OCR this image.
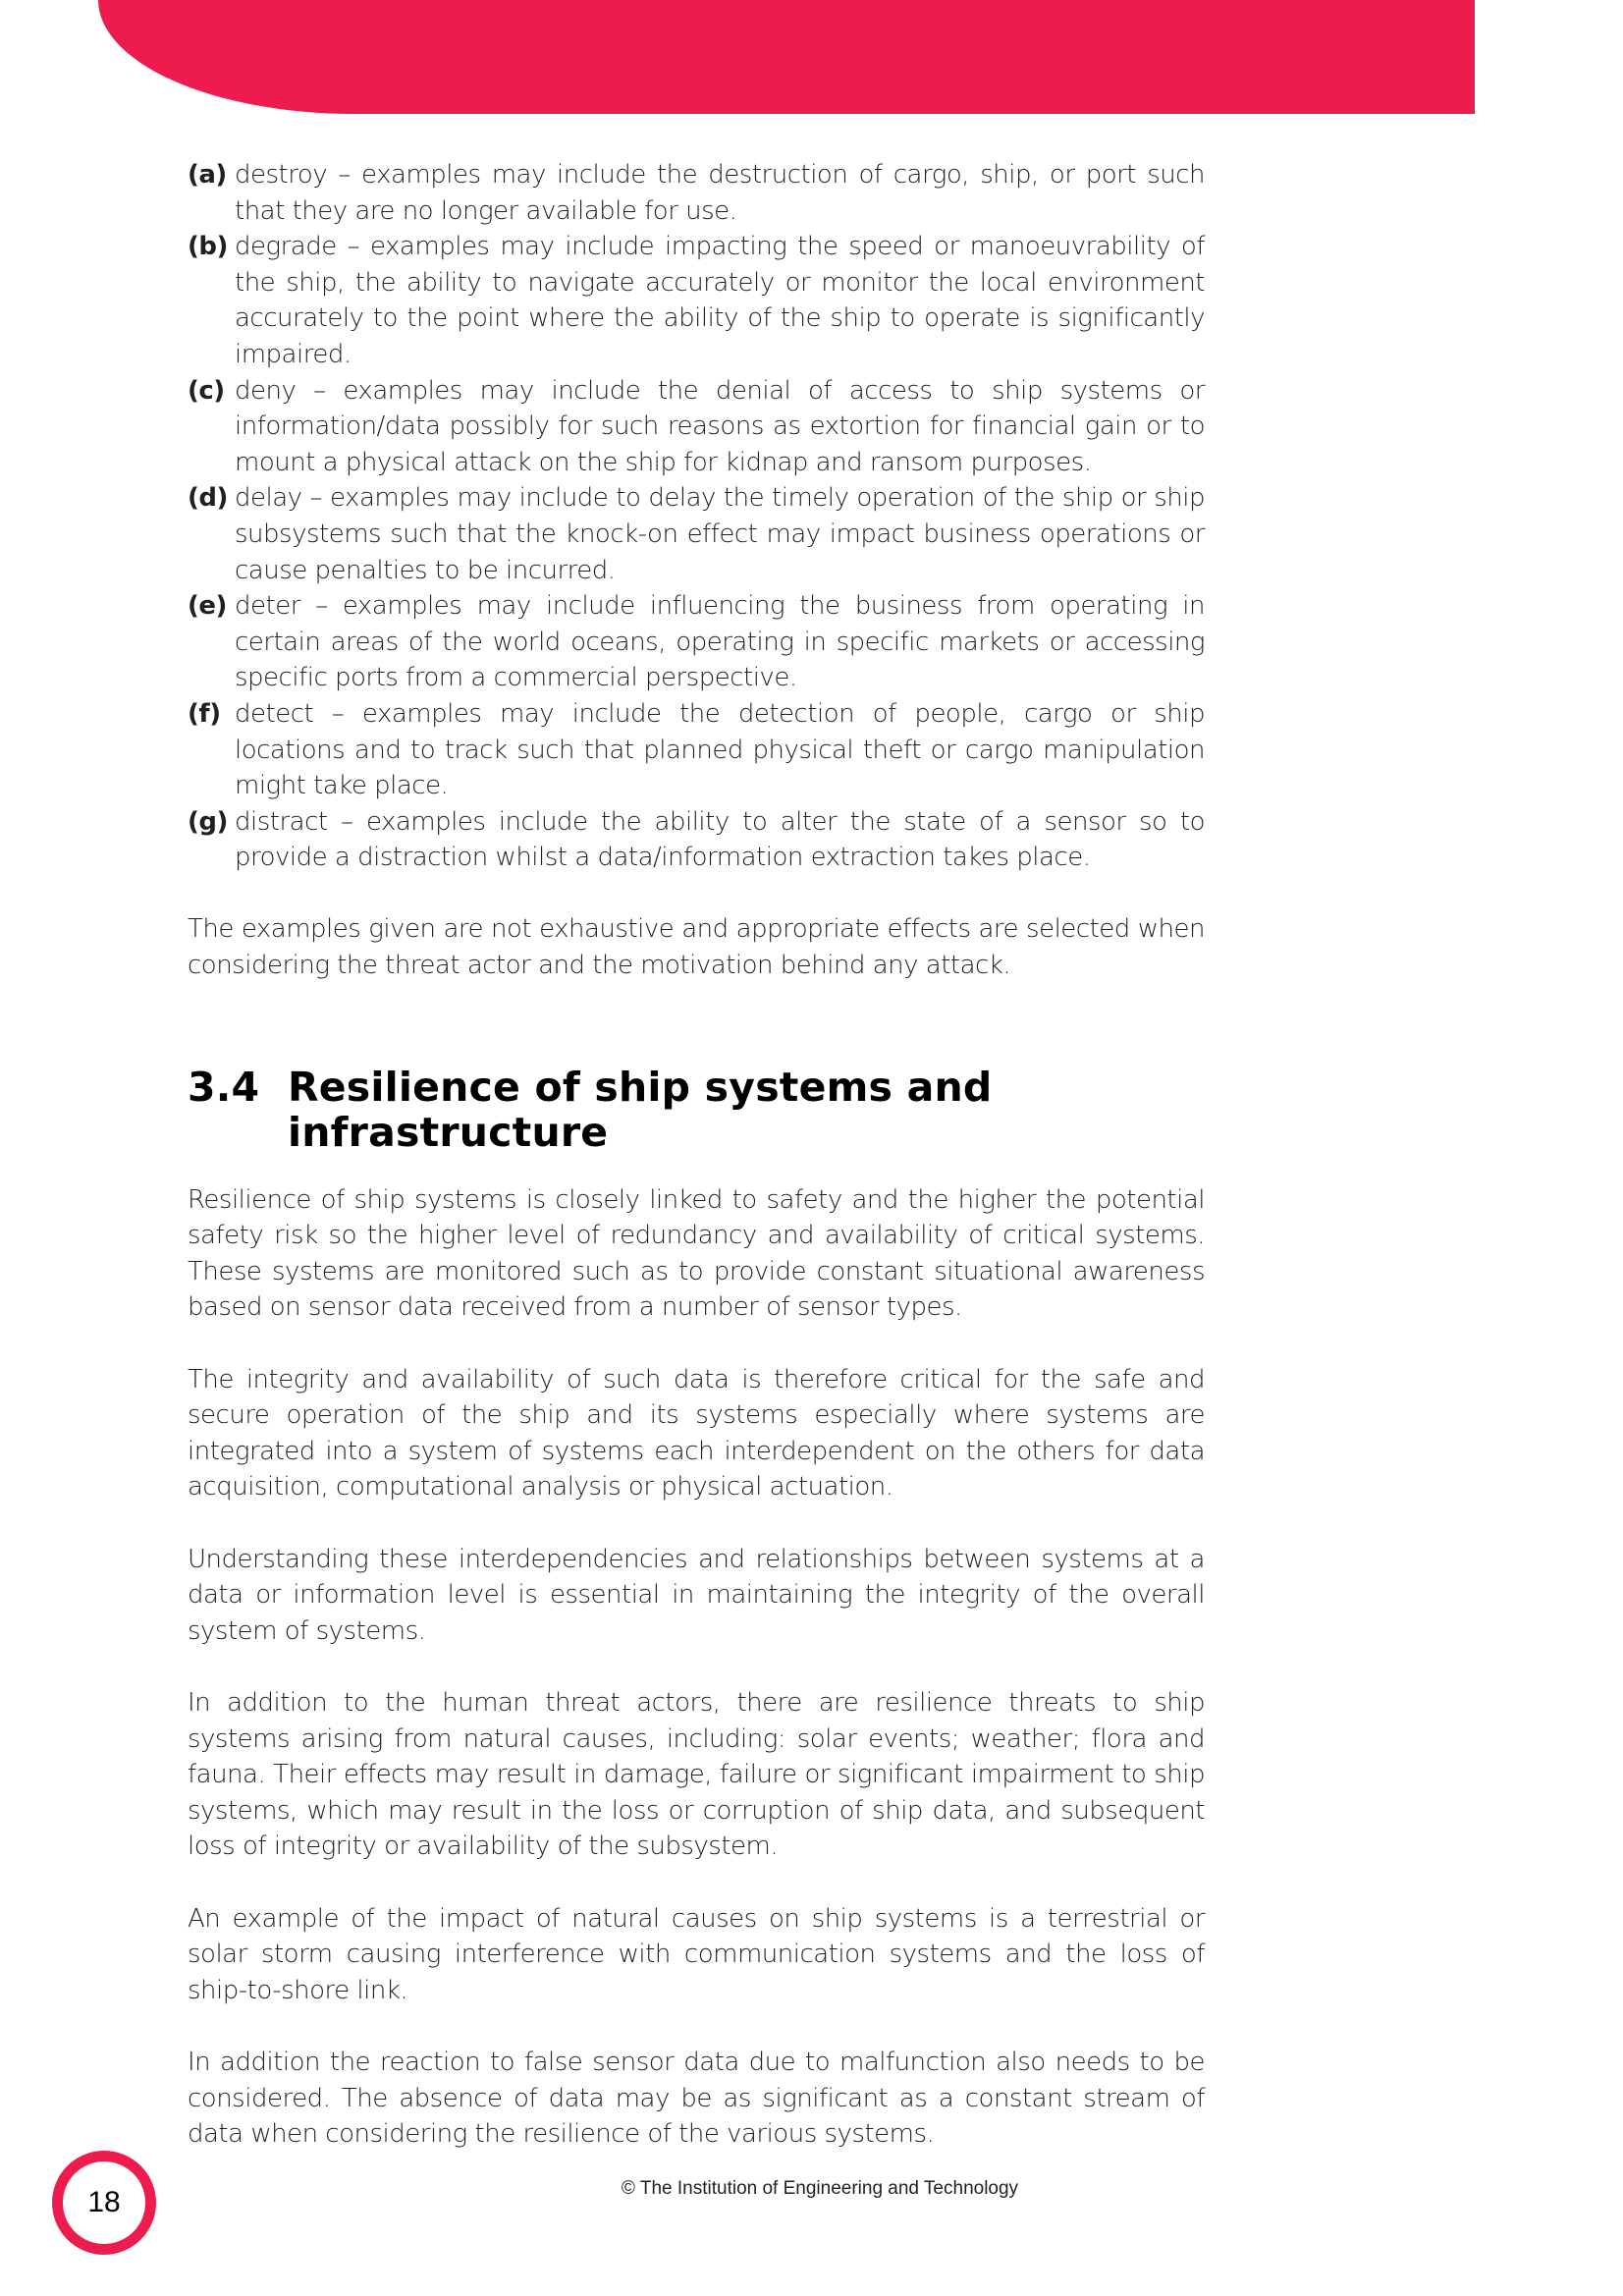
(a) destroy – examples may include the destruction of cargo, ship, or port such that they are no longer available for use.
(b) degrade – examples may include impacting the speed or manoeuvrability of the ship, the ability to navigate accurately or monitor the local environment accurately to the point where the ability of the ship to operate is significantly impaired.
(c) deny – examples may include the denial of access to ship systems or information/data possibly for such reasons as extortion for financial gain or to mount a physical attack on the ship for kidnap and ransom purposes.
(d) delay – examples may include to delay the timely operation of the ship or ship subsystems such that the knock-on effect may impact business operations or cause penalties to be incurred.
(e) deter – examples may include influencing the business from operating in certain areas of the world oceans, operating in specific markets or accessing specific ports from a commercial perspective.
(f) detect – examples may include the detection of people, cargo or ship locations and to track such that planned physical theft or cargo manipulation might take place.
(g) distract – examples include the ability to alter the state of a sensor so to provide a distraction whilst a data/information extraction takes place.

The examples given are not exhaustive and appropriate effects are selected when considering the threat actor and the motivation behind any attack.

3.4 Resilience of ship systems and infrastructure

Resilience of ship systems is closely linked to safety and the higher the potential safety risk so the higher level of redundancy and availability of critical systems. These systems are monitored such as to provide constant situational awareness based on sensor data received from a number of sensor types.

The integrity and availability of such data is therefore critical for the safe and secure operation of the ship and its systems especially where systems are integrated into a system of systems each interdependent on the others for data acquisition, computational analysis or physical actuation.

Understanding these interdependencies and relationships between systems at a data or information level is essential in maintaining the integrity of the overall system of systems.

In addition to the human threat actors, there are resilience threats to ship systems arising from natural causes, including: solar events; weather; flora and fauna. Their effects may result in damage, failure or significant impairment to ship systems, which may result in the loss or corruption of ship data, and subsequent loss of integrity or availability of the subsystem.

An example of the impact of natural causes on ship systems is a terrestrial or solar storm causing interference with communication systems and the loss of ship-to-shore link.

In addition the reaction to false sensor data due to malfunction also needs to be considered. The absence of data may be as significant as a constant stream of data when considering the resilience of the various systems.

18	© The Institution of Engineering and Technology
